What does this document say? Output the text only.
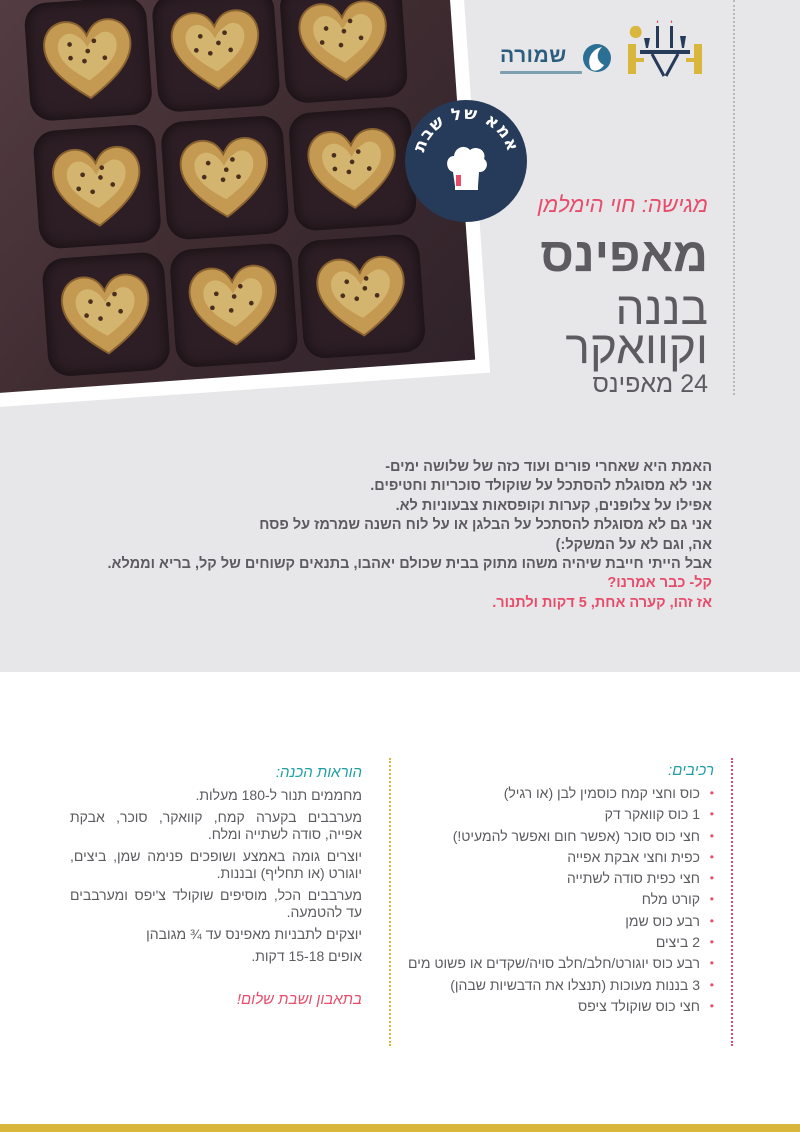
אמא של שבת
שמורה
מגישה: חוי הימלמן
מאפינס
בננה
וקוואקר
24 מאפינס

האמת היא שאחרי פורים ועוד כזה של שלושה ימים-

אני לא מסוגלת להסתכל על שוקולד סוכריות וחטיפים.

אפילו על צלופנים, קערות וקופסאות צבעוניות לא.

אני גם לא מסוגלת להסתכל על הבלגן או על לוח השנה שמרמז על פסח

אה, וגם לא על המשקל:)

אבל הייתי חייבת שיהיה משהו מתוק בבית שכולם יאהבו, בתנאים קשוחים של קל, בריא וממלא.

קל- כבר אמרנו?

אז זהו, קערה אחת, 5 דקות ולתנור.

רכיבים:
• כוס וחצי קמח כוסמין לבן (או רגיל)
• 1 כוס קוואקר דק
• חצי כוס סוכר (אפשר חום ואפשר להמעיט!)
• כפית וחצי אבקת אפייה
• חצי כפית סודה לשתייה
• קורט מלח
• רבע כוס שמן
• 2 ביצים
• רבע כוס יוגורט/חלב/חלב סויה/שקדים או פשוט מים
• 3 בננות מעוכות (תנצלו את הדבשיות שבהן)
• חצי כוס שוקולד ציפס
הוראות הכנה:

מחממים תנור ל-180 מעלות.

מערבבים בקערה קמח, קוואקר, סוכר, אבקת אפייה, סודה לשתייה ומלח.

יוצרים גומה באמצע ושופכים פנימה שמן, ביצים, יוגורט (או תחליף) ובננות.

מערבבים הכל, מוסיפים שוקולד צ'יפס ומערבבים עד להטמעה.

יוצקים לתבניות מאפינס עד ¾ מגובהן

אופים 15-18 דקות.

בתאבון ושבת שלום!
